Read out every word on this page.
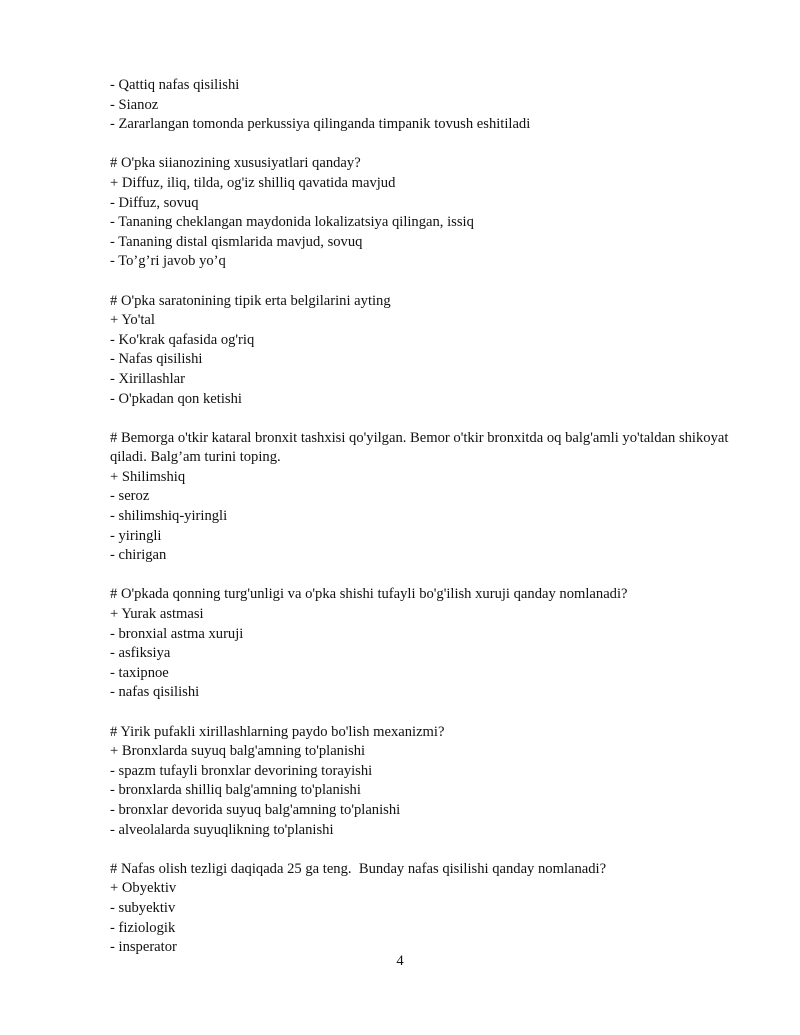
- Qattiq nafas qisilishi
- Sianoz
- Zararlangan tomonda perkussiya qilinganda timpanik tovush eshitiladi
# O'pka siianozining xususiyatlari qanday?
+ Diffuz, iliq, tilda, og'iz shilliq qavatida mavjud
- Diffuz, sovuq
- Tananing cheklangan maydonida lokalizatsiya qilingan, issiq
- Tananing distal qismlarida mavjud, sovuq
- To’g’ri javob yo’q
# O'pka saratonining tipik erta belgilarini ayting
+ Yo'tal
- Ko'krak qafasida og'riq
- Nafas qisilishi
- Xirillashlar
- O'pkadan qon ketishi
# Bemorga o'tkir kataral bronxit tashxisi qo'yilgan. Bemor o'tkir bronxitda oq balg'amli yo'taldan shikoyat qiladi. Balg’am turini toping.
+ Shilimshiq
- seroz
- shilimshiq-yiringli
- yiringli
- chirigan
# O'pkada qonning turg'unligi va o'pka shishi tufayli bo'g'ilish xuruji qanday nomlanadi?
+ Yurak astmasi
- bronxial astma xuruji
- asfiksiya
- taxipnoe
- nafas qisilishi
# Yirik pufakli xirillashlarning paydo bo'lish mexanizmi?
+ Bronxlarda suyuq balg'amning to'planishi
- spazm tufayli bronxlar devorining torayishi
- bronxlarda shilliq balg'amning to'planishi
- bronxlar devorida suyuq balg'amning to'planishi
- alveolalarda suyuqlikning to'planishi
# Nafas olish tezligi daqiqada 25 ga teng.  Bunday nafas qisilishi qanday nomlanadi?
+ Obyektiv
- subyektiv
- fiziologik
- insperator
4
